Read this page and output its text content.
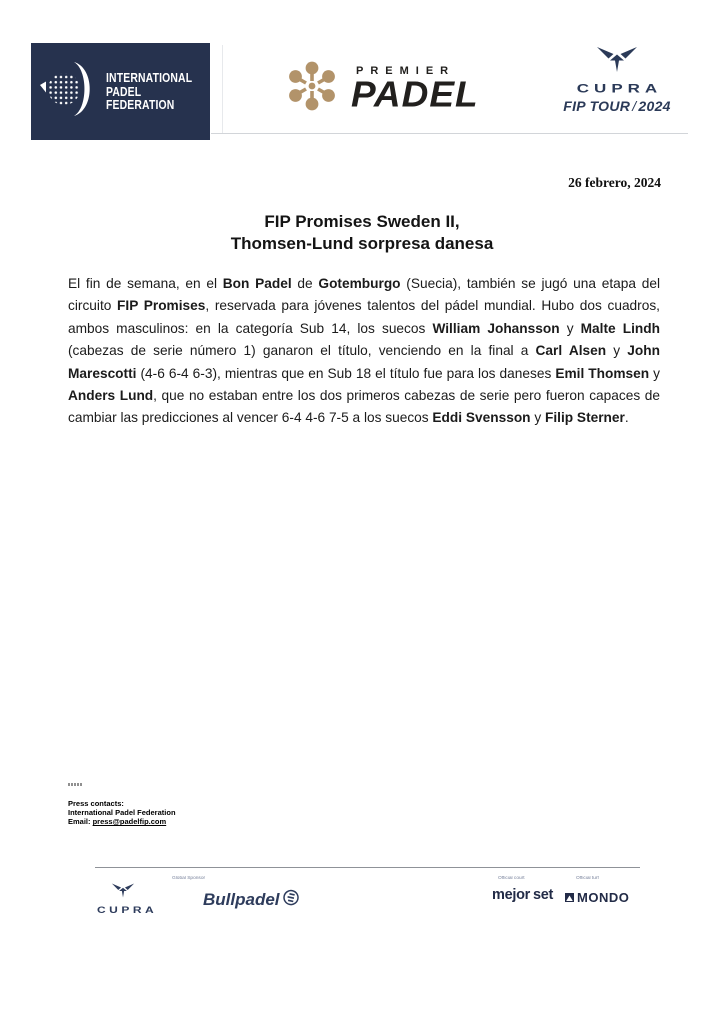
INTERNATIONAL
PADEL
FEDERATION
PREMIER
PADEL	CUPRA
FIP TOUR / 2024
26 febrero, 2024
FIP Promises Sweden II,
Thomsen-Lund sorpresa danesa

El fin de semana, en el Bon Padel de Gotemburgo (Suecia), también se jugó una etapa del circuito FIP Promises, reservada para jóvenes talentos del pádel mundial. Hubo dos cuadros, ambos masculinos: en la categoría Sub 14, los suecos William Johansson y Malte Lindh (cabezas de serie número 1) ganaron el título, venciendo en la final a Carl Alsen y John Marescotti (4-6 6-4 6-3), mientras que en Sub 18 el título fue para los daneses Emil Thomsen y Anders Lund, que no estaban entre los dos primeros cabezas de serie pero fueron capaces de cambiar las predicciones al vencer 6-4 4-6 7-5 a los suecos Eddi Svensson y Filip Sterner.

Press contacts:
International Padel Federation
Email: press@padelfip.com
CUPRA
Global Sponsor
Bullpadel
Official court
mejor set
Official turf
MONDO
